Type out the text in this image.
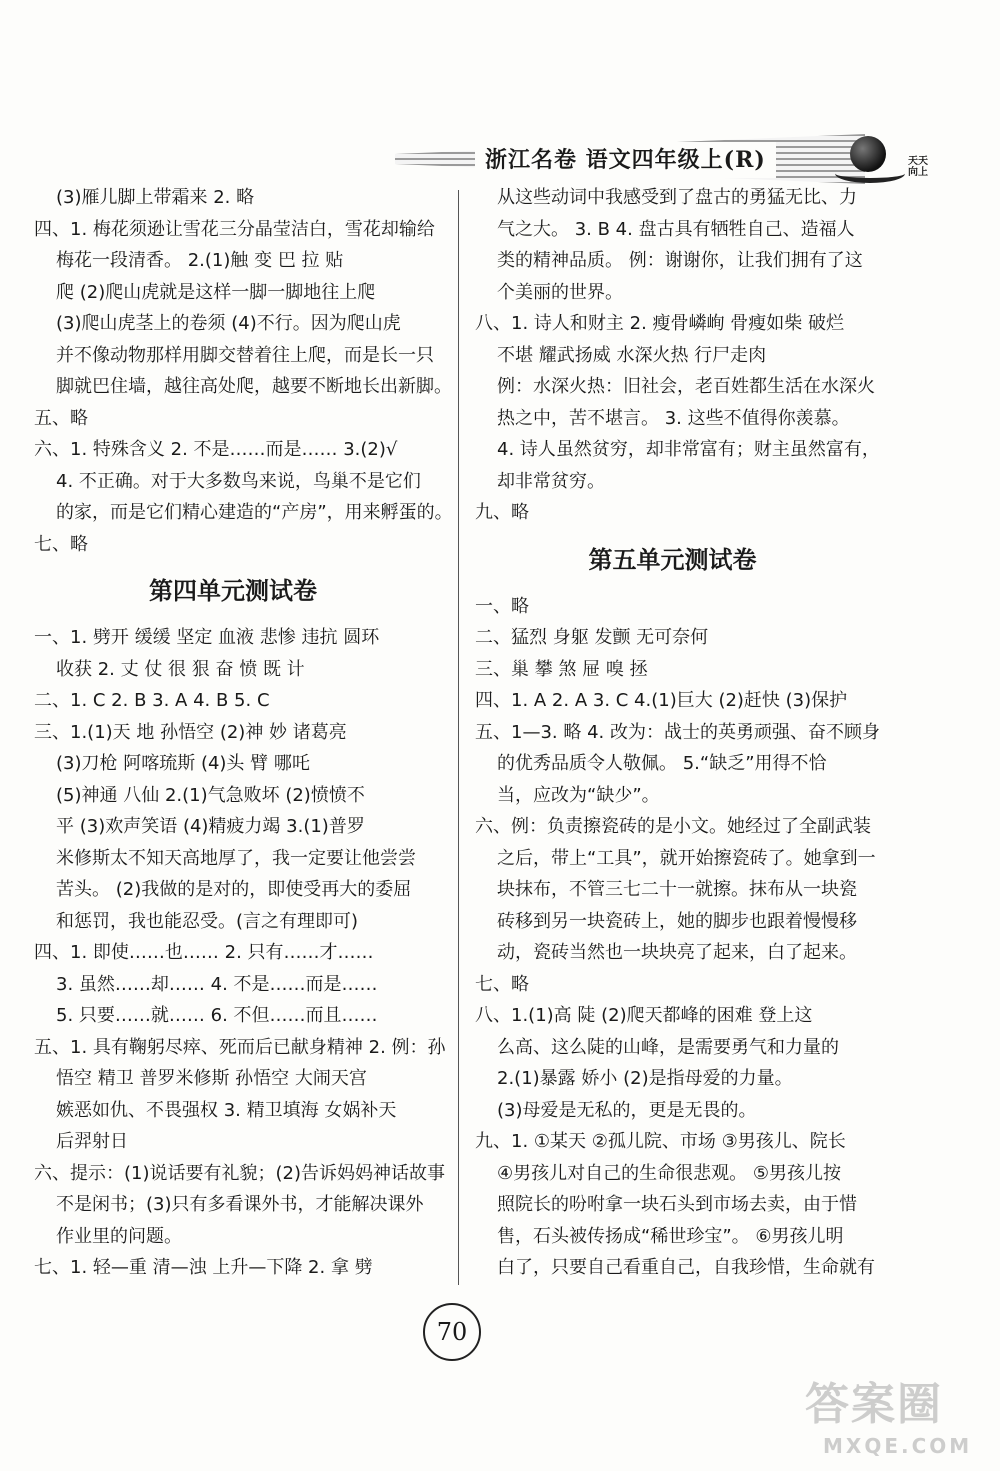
浙江名卷 语文四年级上(R)	天天向上
(3)雁儿脚上带霜来 2. 略
四、1. 梅花须逊让雪花三分晶莹洁白，雪花却输给
梅花一段清香。 2.(1)触 变 巴 拉 贴
爬 (2)爬山虎就是这样一脚一脚地往上爬
(3)爬山虎茎上的卷须 (4)不行。因为爬山虎
并不像动物那样用脚交替着往上爬，而是长一只
脚就巴住墙，越往高处爬，越要不断地长出新脚。
五、略
六、1. 特殊含义 2. 不是……而是…… 3.(2)√
4. 不正确。对于大多数鸟来说，鸟巢不是它们
的家，而是它们精心建造的“产房”，用来孵蛋的。
七、略
第四单元测试卷
一、1. 劈开 缓缓 坚定 血液 悲惨 违抗 圆环
收获 2. 丈 仗 很 狠 奋 愤 既 计
二、1. C 2. B 3. A 4. B 5. C
三、1.(1)天 地 孙悟空 (2)神 妙 诸葛亮
(3)刀枪 阿喀琉斯 (4)头 臂 哪吒
(5)神通 八仙 2.(1)气急败坏 (2)愤愤不
平 (3)欢声笑语 (4)精疲力竭 3.(1)普罗
米修斯太不知天高地厚了，我一定要让他尝尝
苦头。 (2)我做的是对的，即使受再大的委屈
和惩罚，我也能忍受。(言之有理即可)
四、1. 即使……也…… 2. 只有……才……
3. 虽然……却…… 4. 不是……而是……
5. 只要……就…… 6. 不但……而且……
五、1. 具有鞠躬尽瘁、死而后已献身精神 2. 例：孙
悟空 精卫 普罗米修斯 孙悟空 大闹天宫
嫉恶如仇、不畏强权 3. 精卫填海 女娲补天
后羿射日
六、提示：(1)说话要有礼貌；(2)告诉妈妈神话故事
不是闲书；(3)只有多看课外书，才能解决课外
作业里的问题。
七、1. 轻—重 清—浊 上升—下降 2. 拿 劈
从这些动词中我感受到了盘古的勇猛无比、力
气之大。 3. B 4. 盘古具有牺牲自己、造福人
类的精神品质。 例：谢谢你，让我们拥有了这
个美丽的世界。
八、1. 诗人和财主 2. 瘦骨嶙峋 骨瘦如柴 破烂
不堪 耀武扬威 水深火热 行尸走肉
例：水深火热：旧社会，老百姓都生活在水深火
热之中，苦不堪言。 3. 这些不值得你羡慕。
4. 诗人虽然贫穷，却非常富有；财主虽然富有，
却非常贫穷。
九、略
第五单元测试卷
一、略
二、猛烈 身躯 发颤 无可奈何
三、巢 攀 煞 屉 嗅 拯
四、1. A 2. A 3. C 4.(1)巨大 (2)赶快 (3)保护
五、1—3. 略 4. 改为：战士的英勇顽强、奋不顾身
的优秀品质令人敬佩。 5.“缺乏”用得不恰
当，应改为“缺少”。
六、例：负责擦瓷砖的是小文。她经过了全副武装
之后，带上“工具”，就开始擦瓷砖了。她拿到一
块抹布，不管三七二十一就擦。抹布从一块瓷
砖移到另一块瓷砖上，她的脚步也跟着慢慢移
动，瓷砖当然也一块块亮了起来，白了起来。
七、略
八、1.(1)高 陡 (2)爬天都峰的困难 登上这
么高、这么陡的山峰，是需要勇气和力量的
2.(1)暴露 娇小 (2)是指母爱的力量。
(3)母爱是无私的，更是无畏的。
九、1. ①某天 ②孤儿院、市场 ③男孩儿、院长
④男孩儿对自己的生命很悲观。 ⑤男孩儿按
照院长的吩咐拿一块石头到市场去卖，由于惜
售，石头被传扬成“稀世珍宝”。 ⑥男孩儿明
白了，只要自己看重自己，自我珍惜，生命就有
70
答案圈
MXQE.COM
